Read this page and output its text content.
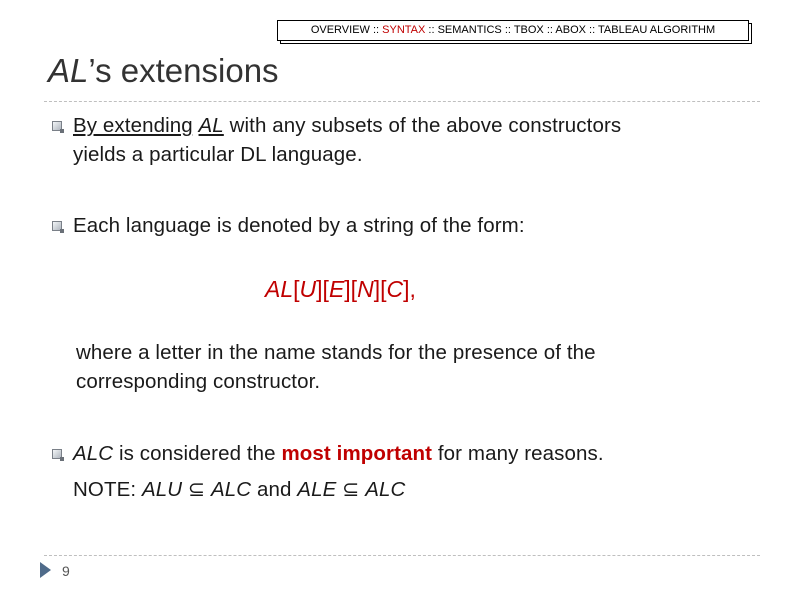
OVERVIEW :: SYNTAX :: SEMANTICS :: TBOX :: ABOX :: TABLEAU ALGORITHM
AL’s extensions
By extending AL with any subsets of the above constructors
yields a particular DL language.
Each language is denoted by a string of the form:
AL[U][E][N][C],
where a letter in the name stands for the presence of the
corresponding constructor.
ALC is considered the most important for many reasons.
NOTE: ALU ⊆ ALC and ALE ⊆ ALC
9
